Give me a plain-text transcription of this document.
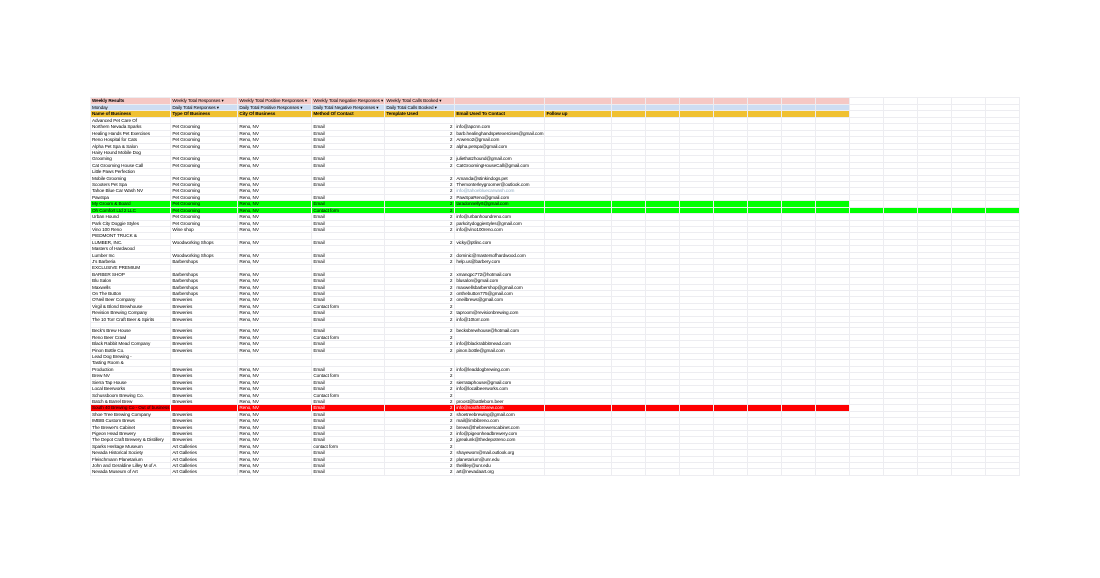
Weekly Results	Weekly Total Responses ▾	Weekly Total Positive Responses ▾	Weekly Total Negative Responses ▾	Weekly Total Calls Booked ▾														
Monday	Daily Total Responses ▾	Daily Total Positive Responses ▾	Daily Total Negative Responses ▾	Daily Total Calls Booked ▾														
Name of Business	Type Of Business	City Of Business	Method Of Contact	Template Used	Email Used To Contact	Follow up												
Advanced Pet Care Of																		
Northern Nevada Sparks	Pet Grooming	Reno, NV	Email	2	info@apcnn.com													
Healing Hands Pet Exercises	Pet Grooming	Reno, NV	Email	2	barb.healinghandspetexercises@gmail.com													
Reno Hospital for Cats	Pet Grooming	Reno, NV	Email	2	Arweno2@gmail.com													
Alpha Pet Spa & Salon	Pet Grooming	Reno, NV	Email	2	alpha.petspa@gmail.com													
Hairy Hound Mobile Dog																		
Grooming	Pet Grooming	Reno, NV	Email	2	juliethatzhound@gmail.com													
Cat Grooming House Call	Pet Grooming	Reno, NV	Email	2	CatGroomingHouseCall@gmail.com													
Little Paws Perfection																		
Mobile Grooming	Pet Grooming	Reno, NV	Email	2	Amanda@stinkindogs.pet													
Scooters Pet Spa	Pet Grooming	Reno, NV	Email	2	Themonterleygroomer@outlook.com													
Tahoe Blue Car Wash NV	Pet Grooming	Reno, NV		2	info@tahoebluecarwash.com													
PawSpa	Pet Grooming	Reno, NV	Email	2	PawSpaReno@gmail.com													
My Groom & Board	Pet Grooming	Reno, NV	Email	2	taradonnellyrt@gmail.com													
Oh Comfort Ltd 2 LLC	Pet Grooming	Reno, NV	Contact form	2														
Urban Hound	Pet Grooming	Reno, NV	Email	2	info@urbanhoundreno.com													
Park City Doggie Styles	Pet Grooming	Reno, NV	Email	2	parkcitydoggiestyles@gmail.com													
Vino 100 Reno	Wine shop	Reno, NV	Email	2	info@vino100reno.com													
PIEDMONT TRUCK &																		
LUMBER, INC.	Woodworking Shops	Reno, NV	Email	2	vicky@ptlinc.com													
Masters of Hardwood																		
Lumber Inc	Woodworking Shops	Reno, NV	Email	2	dominic@mastersofhardwood.com													
J's Barberia	Barbershops	Reno, NV	Email	2	help.us@barbery.com													
EXCLUSIVE PREMIUM																		
BARBER SHOP	Barbershops	Reno, NV	Email	2	xmanqpc772@hotmail.com													
Blu Salon	Barbershops	Reno, NV	Email	2	blusalon@gmail.com													
Maxwells	Barbershops	Reno, NV	Email	2	maxwellsbarbershop@gmail.com													
On The Button	Barbershops	Reno, NV	Email	2	onthebutton775@gmail.com													
O'Neil Beer Company	Breweries	Reno, NV	Email	2	oneilbrews@gmail.com													
Virgil & Blond Brewhouse	Breweries	Reno, NV	Contact form	2														
Revision Brewing Company	Breweries	Reno, NV	Email	2	taproom@revisionbrewing.com													
The 10 Torr Craft Beer & Spirits	Breweries	Reno, NV	Email	2	info@10torr.com													

Beck's Brew House	Breweries	Reno, NV	Email	2	becksbrewhouse@hotmail.com													
Reno Beer Crawl	Breweries	Reno, NV	Contact form	2														
Black Rabbit Mead Company	Breweries	Reno, NV	Email	2	info@blackrabbitmead.com													
Pinon Bottle Co.	Breweries	Reno, NV	Email	2	pinon.bottle@gmail.com													
Lead Dog Brewing -																		
Tasting Room &																		
Production	Breweries	Reno, NV	Email	2	info@leaddogbrewing.com													
Brew NV	Breweries	Reno, NV	Contact form	2														
Sierra Tap House	Breweries	Reno, NV	Email	2	sierrataphouse@gmail.com													
Local Beerworks	Breweries	Reno, NV	Email	2	info@localbeerworks.com													
Schussboom Brewing Co.	Breweries	Reno, NV	Contact form	2														
Batch & Barrel Brew	Breweries	Reno, NV	Email	2	proost@battleborn.beer													
South 40 Brewing Co - Out of business		Reno, NV	Email	2	info@south40brew.com													
Shoe Tree Brewing Company	Breweries	Reno, NV	Email	2	shoetreebrewing@gmail.com													
IMBIB Custom Brews	Breweries	Reno, NV	Email	2	mail@imbibreno.com													
The Brewer's Cabinet	Breweries	Reno, NV	Email	2	brews@thebrewerscabinet.com													
Pigeon Head Brewery	Breweries	Reno, NV	Email	2	info@pigeonheadbrewery.com													
The Depot Craft Brewery & Distillery	Breweries	Reno, NV	Email	2	jgrealunk@thedepotreno.com													
Sparks Heritage Museum	Art Galleries	Reno, NV	contact form	2														
Nevada Historical Society	Art Galleries	Reno, NV	Email	2	shayewom@mail.outlook.org													
Fleischmann Planetarium	Art Galleries	Reno, NV	Email	2	planetarium@unr.edu													
John and Geraldine Lilley M of A	Art Galleries	Reno, NV	Email	2	thelilley@unr.edu													
Nevada Museum of Art	Art Galleries	Reno, NV	Email	2	art@nevadaart.org													
